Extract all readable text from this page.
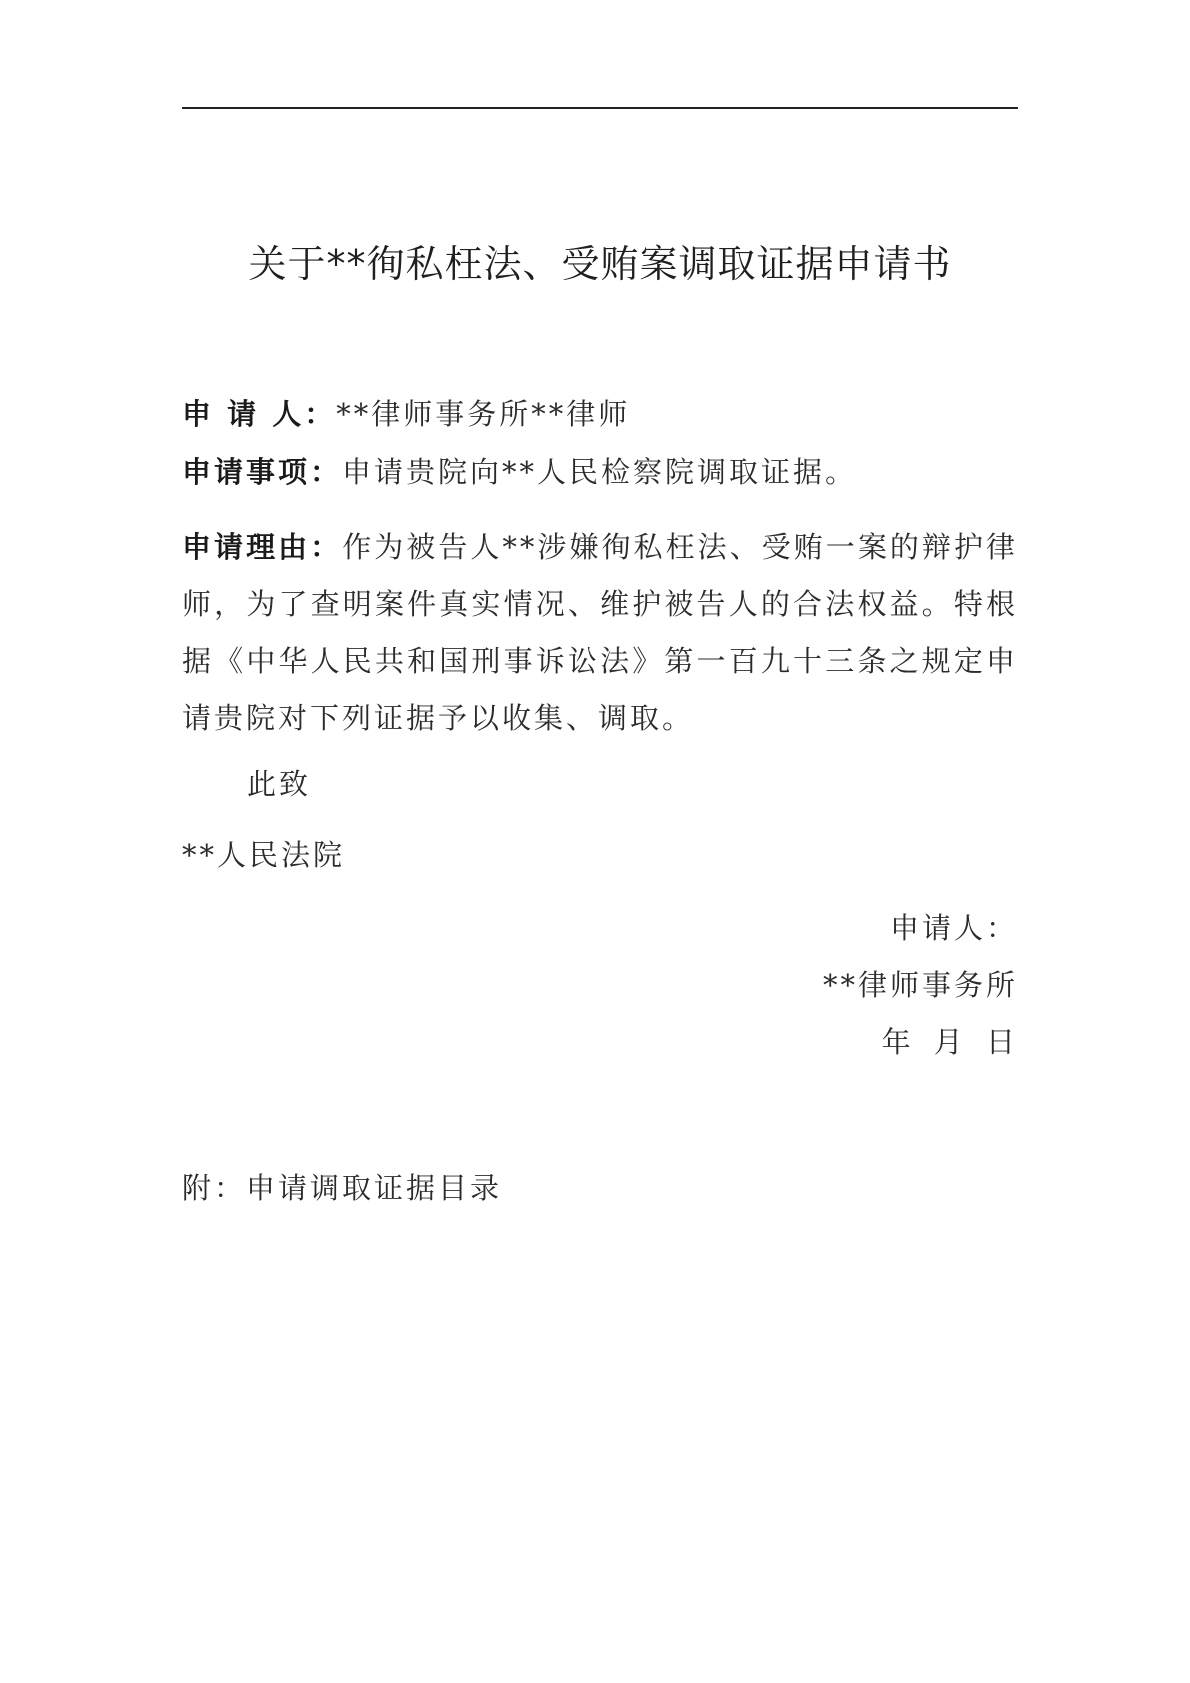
关于**徇私枉法、受贿案调取证据申请书
申 请 人：**律师事务所**律师
申请事项：申请贵院向**人民检察院调取证据。
申请理由：作为被告人**涉嫌徇私枉法、受贿一案的辩护律师，为了查明案件真实情况、维护被告人的合法权益。特根据《中华人民共和国刑事诉讼法》第一百九十三条之规定申请贵院对下列证据予以收集、调取。
此致
**人民法院
申请人：
**律师事务所
年 月 日
附：申请调取证据目录
